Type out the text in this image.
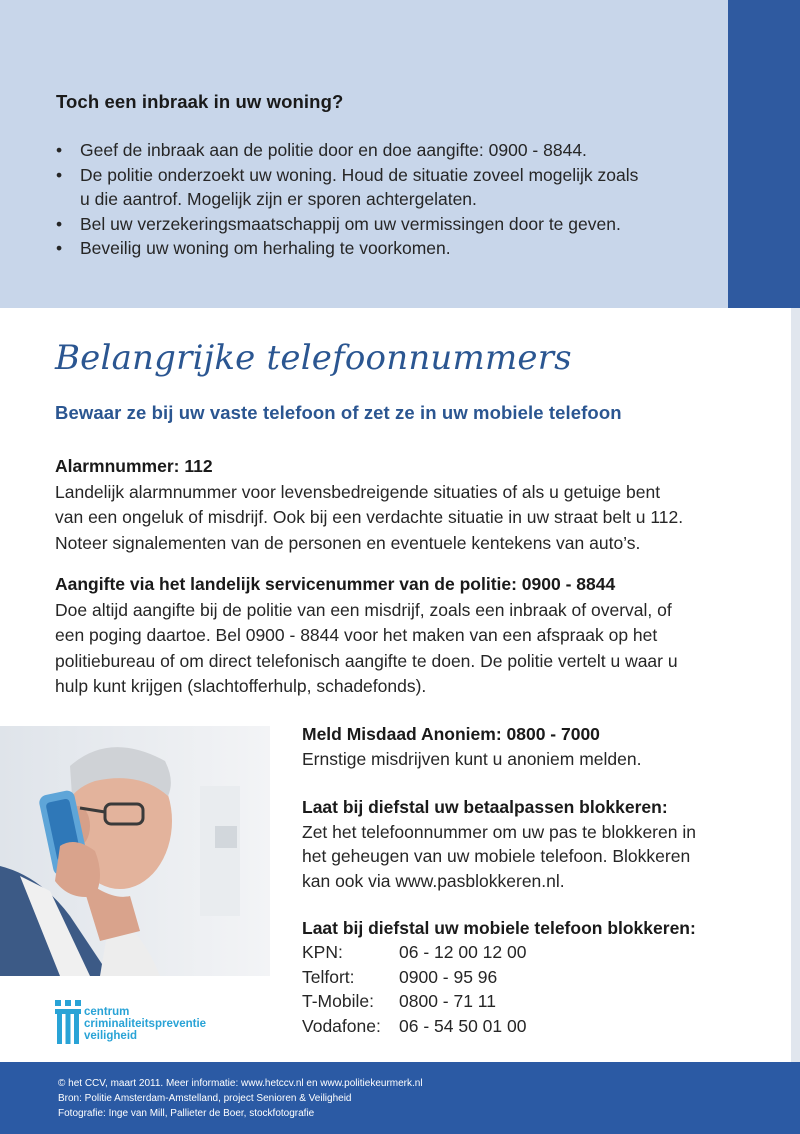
Toch een inbraak in uw woning?
• Geef de inbraak aan de politie door en doe aangifte: 0900 - 8844.
• De politie onderzoekt uw woning. Houd de situatie zoveel mogelijk zoals
u die aantrof. Mogelijk zijn er sporen achtergelaten.
• Bel uw verzekeringsmaatschappij om uw vermissingen door te geven.
• Beveilig uw woning om herhaling te voorkomen.
Belangrijke telefoonnummers
Bewaar ze bij uw vaste telefoon of zet ze in uw mobiele telefoon

Alarmnummer: 112

Landelijk alarmnummer voor levensbedreigende situaties of als u getuige bent

van een ongeluk of misdrijf. Ook bij een verdachte situatie in uw straat belt u 112.

Noteer signalementen van de personen en eventuele kentekens van auto’s.

Aangifte via het landelijk servicenummer van de politie: 0900 - 8844

Doe altijd aangifte bij de politie van een misdrijf, zoals een inbraak of overval, of

een poging daartoe. Bel 0900 - 8844 voor het maken van een afspraak op het

politiebureau of om direct telefonisch aangifte te doen. De politie vertelt u waar u

hulp kunt krijgen (slachtofferhulp, schadefonds).

Meld Misdaad Anoniem: 0800 - 7000

Ernstige misdrijven kunt u anoniem melden.

Laat bij diefstal uw betaalpassen blokkeren:

Zet het telefoonnummer om uw pas te blokkeren in

het geheugen van uw mobiele telefoon. Blokkeren

kan ook via www.pasblokkeren.nl.

Laat bij diefstal uw mobiele telefoon blokkeren:

KPN:	06 - 12 00 12 00
Telfort:	0900 - 95 96
T-Mobile:	0800 - 71 11
Vodafone:	06 - 54 50 01 00
centrum
criminaliteitspreventie
veiligheid
© het CCV, maart 2011. Meer informatie: www.hetccv.nl en www.politiekeurmerk.nl
Bron: Politie Amsterdam-Amstelland, project Senioren & Veiligheid
Fotografie: Inge van Mill, Pallieter de Boer, stockfotografie
